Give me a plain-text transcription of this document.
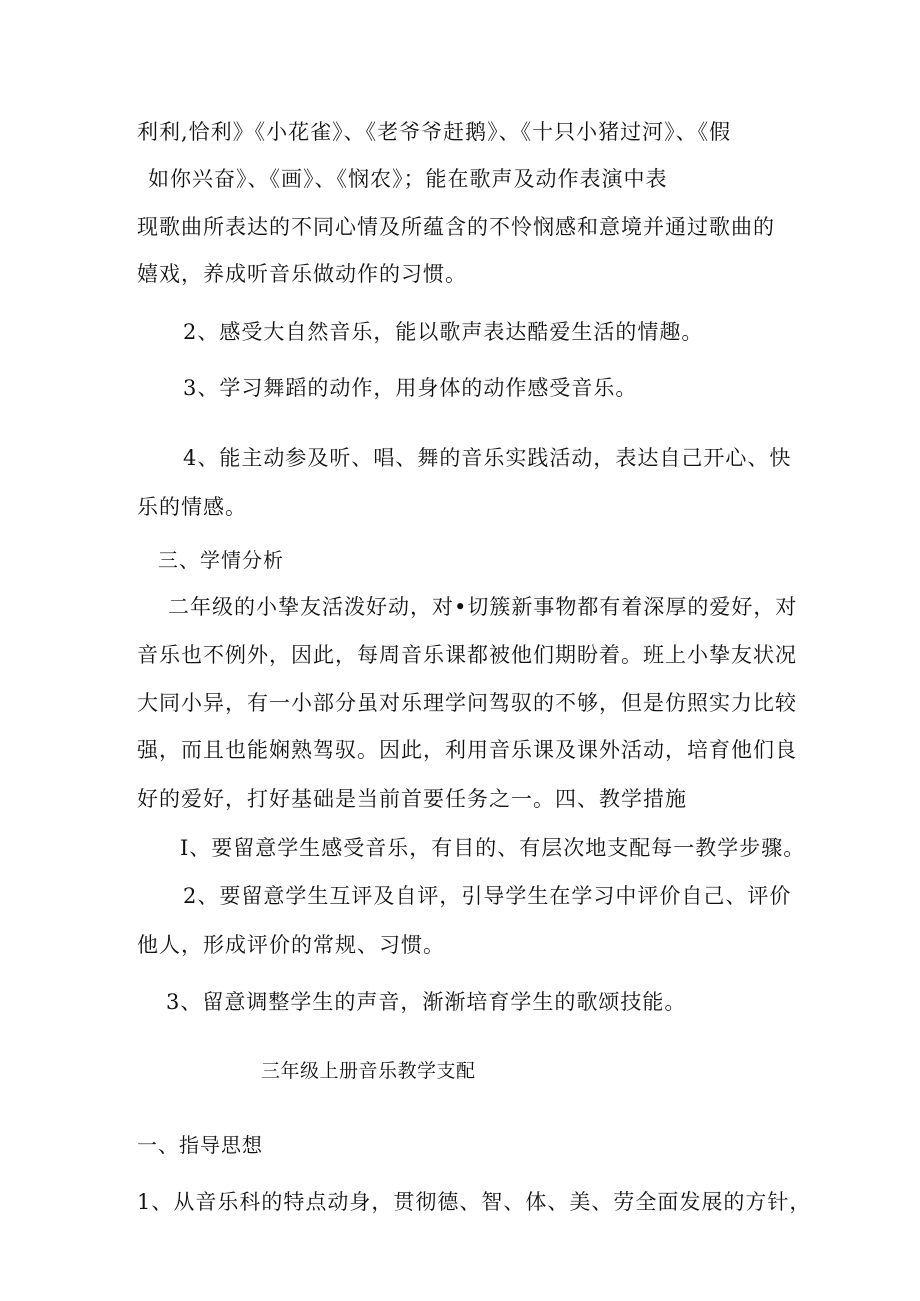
利利,恰利》《小花雀》、《老爷爷赶鹅》、《十只小猪过河》、《假

如你兴奋》、《画》、《悯农》；能在歌声及动作表演中表

现歌曲所表达的不同心情及所蕴含的不怜悯感和意境并通过歌曲的

嬉戏，养成听音乐做动作的习惯。

2、感受大自然音乐，能以歌声表达酷爱生活的情趣。

3、学习舞蹈的动作，用身体的动作感受音乐。

4、能主动参及听、唱、舞的音乐实践活动，表达自己开心、快

乐的情感。

三、学情分析

二年级的小挚友活泼好动，对•切簇新事物都有着深厚的爱好，对

音乐也不例外，因此，每周音乐课都被他们期盼着。班上小挚友状况

大同小异，有一小部分虽对乐理学问驾驭的不够，但是仿照实力比较

强，而且也能娴熟驾驭。因此，利用音乐课及课外活动，培育他们良

好的爱好，打好基础是当前首要任务之一。四、教学措施

I、要留意学生感受音乐，有目的、有层次地支配每一教学步骤。

2、要留意学生互评及自评，引导学生在学习中评价自己、评价

他人，形成评价的常规、习惯。

3、留意调整学生的声音，渐渐培育学生的歌颂技能。

三年级上册音乐教学支配

一、指导思想

1、从音乐科的特点动身，贯彻德、智、体、美、劳全面发展的方针，
